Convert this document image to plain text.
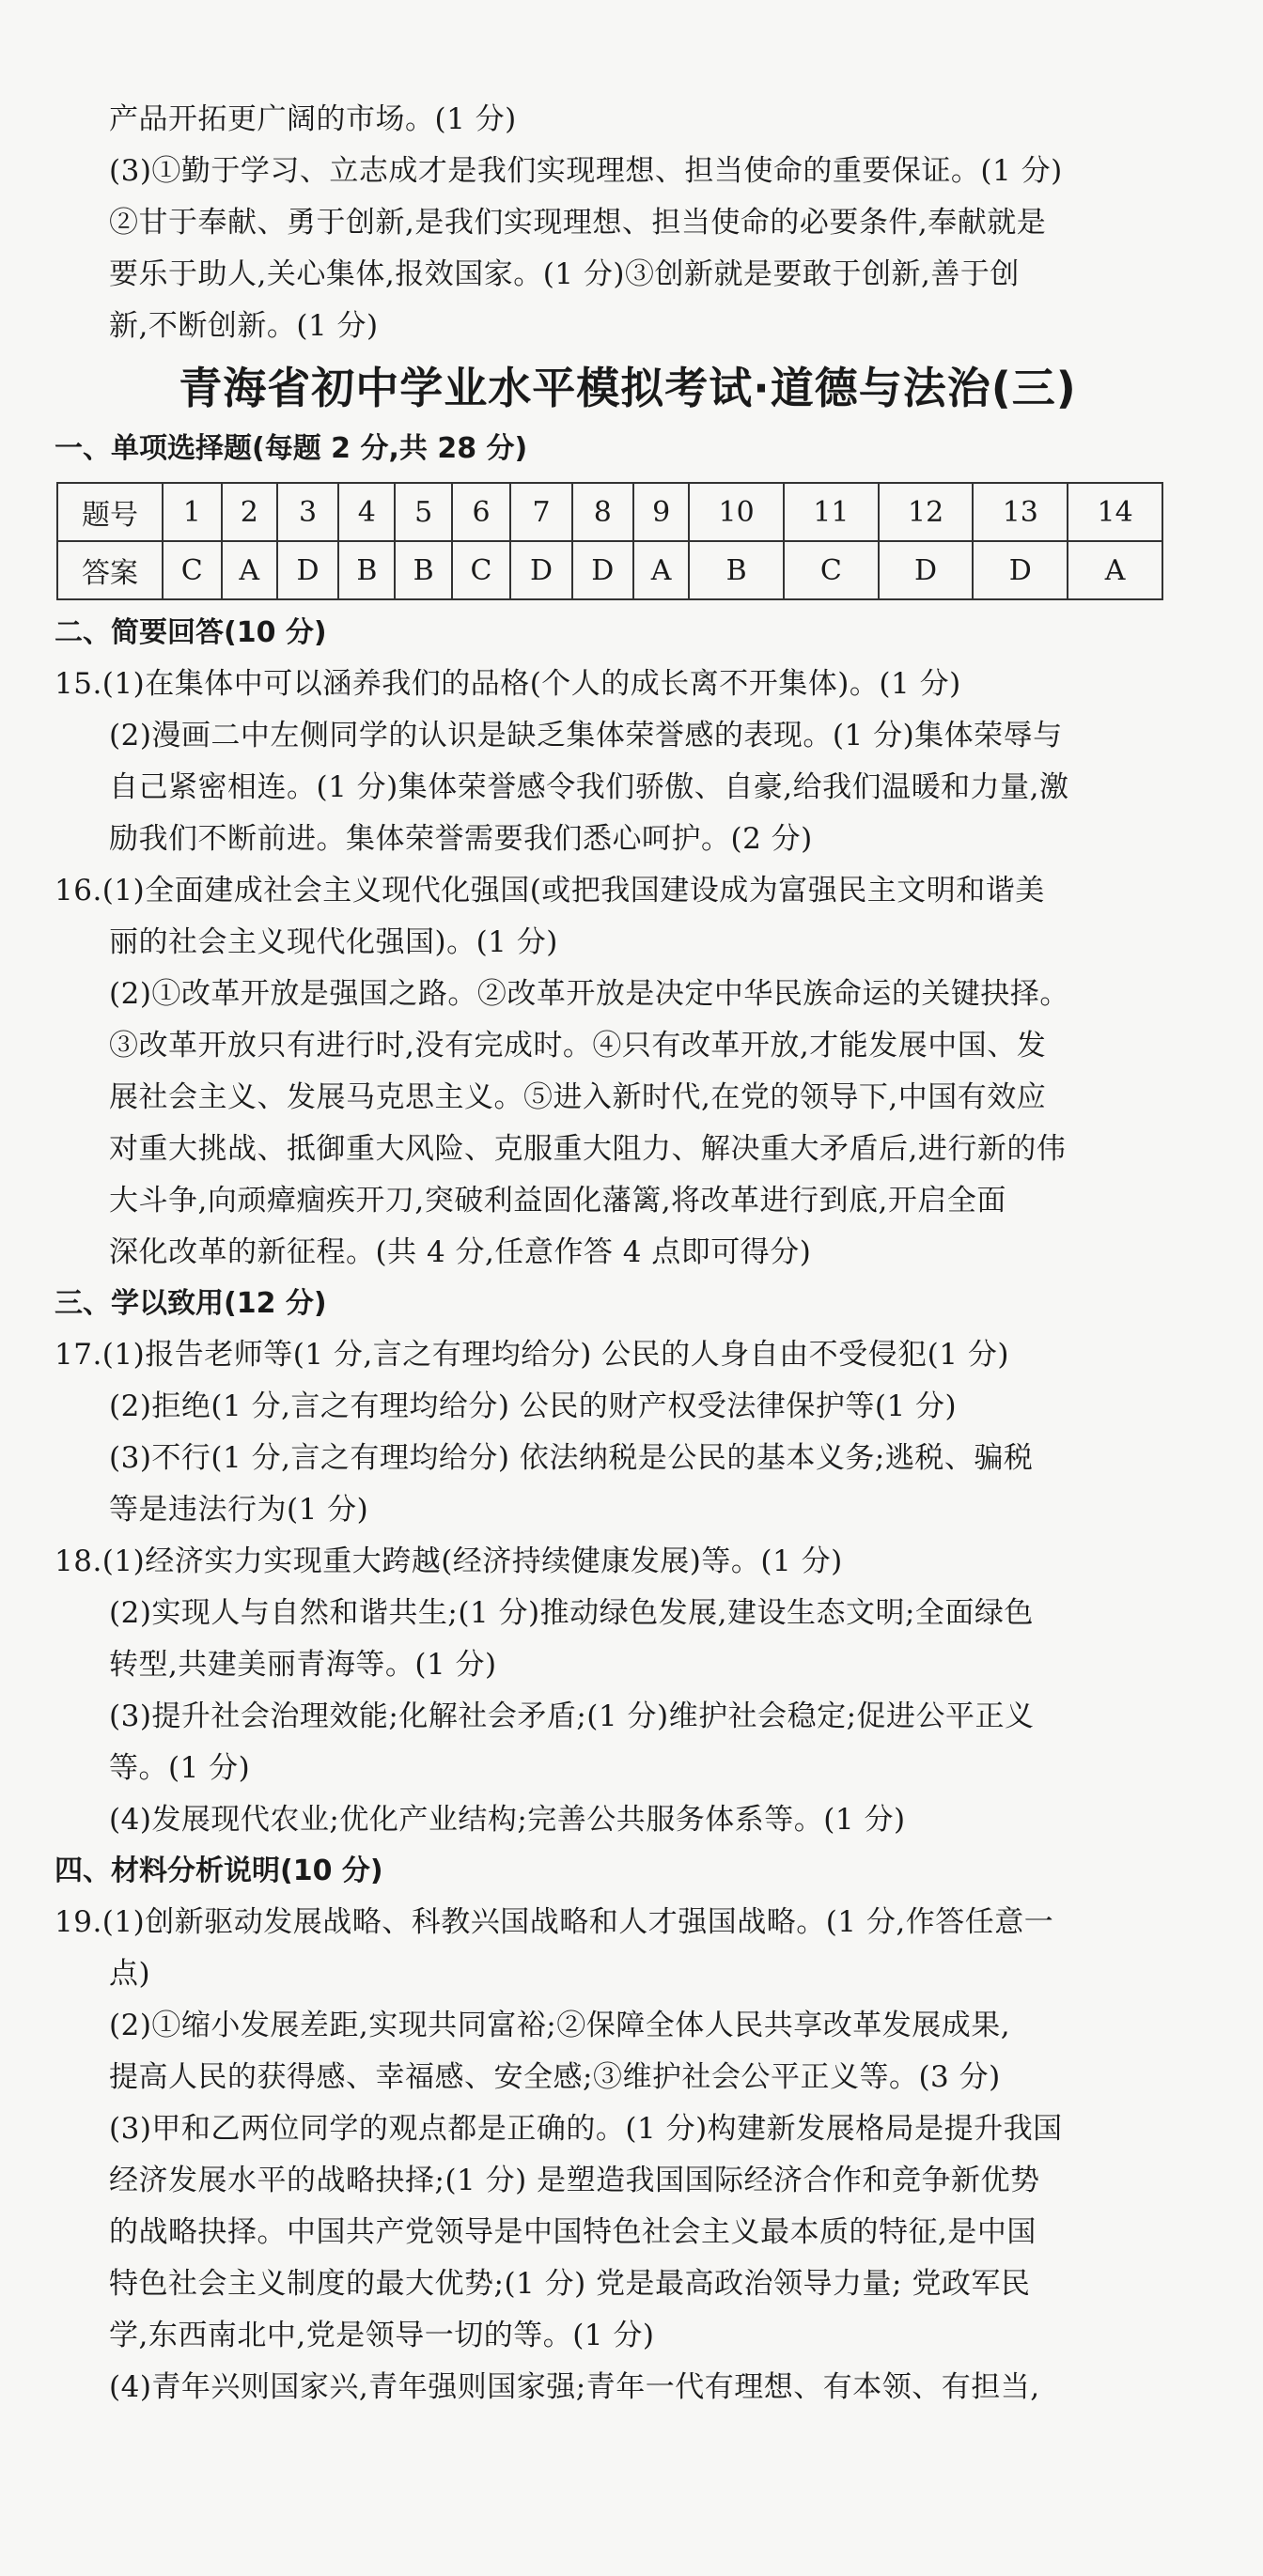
产品开拓更广阔的市场。(1 分)
(3)①勤于学习、立志成才是我们实现理想、担当使命的重要保证。(1 分)
②甘于奉献、勇于创新,是我们实现理想、担当使命的必要条件,奉献就是
要乐于助人,关心集体,报效国家。(1 分)③创新就是要敢于创新,善于创
新,不断创新。(1 分)
青海省初中学业水平模拟考试·道德与法治(三)
一、单项选择题(每题 2 分,共 28 分)
题号	1	2	3	4	5	6	7	8	9	10	11	12	13	14
答案	C	A	D	B	B	C	D	D	A	B	C	D	D	A
二、简要回答(10 分)
15.(1)在集体中可以涵养我们的品格(个人的成长离不开集体)。(1 分)
(2)漫画二中左侧同学的认识是缺乏集体荣誉感的表现。(1 分)集体荣辱与
自己紧密相连。(1 分)集体荣誉感令我们骄傲、自豪,给我们温暖和力量,激
励我们不断前进。集体荣誉需要我们悉心呵护。(2 分)
16.(1)全面建成社会主义现代化强国(或把我国建设成为富强民主文明和谐美
丽的社会主义现代化强国)。(1 分)
(2)①改革开放是强国之路。②改革开放是决定中华民族命运的关键抉择。
③改革开放只有进行时,没有完成时。④只有改革开放,才能发展中国、发
展社会主义、发展马克思主义。⑤进入新时代,在党的领导下,中国有效应
对重大挑战、抵御重大风险、克服重大阻力、解决重大矛盾后,进行新的伟
大斗争,向顽瘴痼疾开刀,突破利益固化藩篱,将改革进行到底,开启全面
深化改革的新征程。(共 4 分,任意作答 4 点即可得分)
三、学以致用(12 分)
17.(1)报告老师等(1 分,言之有理均给分) 公民的人身自由不受侵犯(1 分)
(2)拒绝(1 分,言之有理均给分) 公民的财产权受法律保护等(1 分)
(3)不行(1 分,言之有理均给分) 依法纳税是公民的基本义务;逃税、骗税
等是违法行为(1 分)
18.(1)经济实力实现重大跨越(经济持续健康发展)等。(1 分)
(2)实现人与自然和谐共生;(1 分)推动绿色发展,建设生态文明;全面绿色
转型,共建美丽青海等。(1 分)
(3)提升社会治理效能;化解社会矛盾;(1 分)维护社会稳定;促进公平正义
等。(1 分)
(4)发展现代农业;优化产业结构;完善公共服务体系等。(1 分)
四、材料分析说明(10 分)
19.(1)创新驱动发展战略、科教兴国战略和人才强国战略。(1 分,作答任意一
点)
(2)①缩小发展差距,实现共同富裕;②保障全体人民共享改革发展成果,
提高人民的获得感、幸福感、安全感;③维护社会公平正义等。(3 分)
(3)甲和乙两位同学的观点都是正确的。(1 分)构建新发展格局是提升我国
经济发展水平的战略抉择;(1 分) 是塑造我国国际经济合作和竞争新优势
的战略抉择。中国共产党领导是中国特色社会主义最本质的特征,是中国
特色社会主义制度的最大优势;(1 分) 党是最高政治领导力量; 党政军民
学,东西南北中,党是领导一切的等。(1 分)
(4)青年兴则国家兴,青年强则国家强;青年一代有理想、有本领、有担当,
